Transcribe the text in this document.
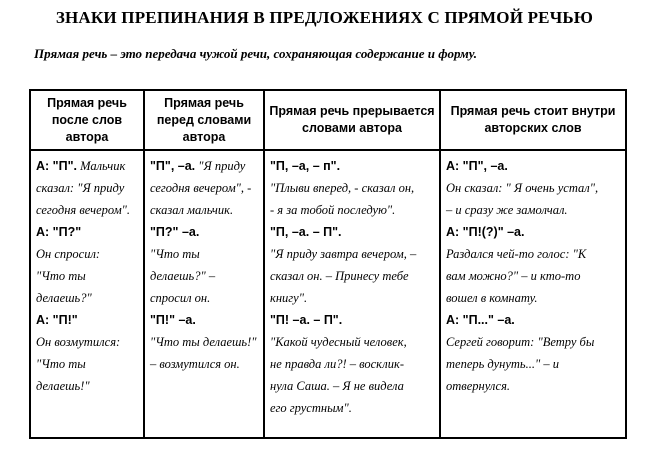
ЗНАКИ ПРЕПИНАНИЯ В ПРЕДЛОЖЕНИЯХ С ПРЯМОЙ РЕЧЬЮ
Прямая речь – это передача чужой речи, сохраняющая содержание и форму.
Прямая речь после слов автора
А: "П". Мальчик
сказал: "Я приду
сегодня вечером".
А: "П?"
Он спросил:
"Что ты
делаешь?"
А: "П!"
Он возмутился:
"Что ты
делаешь!"
Прямая речь перед словами автора
"П", –а. "Я приду
сегодня вечером", -
сказал мальчик.
"П?" –а.
"Что ты
делаешь?" –
спросил он.
"П!" –а.
"Что ты делаешь!"
– возмутился он.
Прямая речь прерывается словами автора
"П, –а, – п".
"Плыви вперед, - сказал он,
- я за тобой последую".
"П, –а. – П".
"Я приду завтра вечером, –
сказал он. – Принесу тебе
книгу".
"П! –а. – П".
"Какой чудесный человек,
не правда ли?! – восклик-
нула Саша. – Я не видела
его грустным".
Прямая речь стоит внутри авторских слов
А: "П", –а.
Он сказал: " Я очень устал",
– и сразу же замолчал.
А: "П!(?)" –а.
Раздался чей-то голос: "К
вам можно?" – и кто-то
вошел в комнату.
А: "П..." –а.
Сергей говорит: "Ветру бы
теперь дунуть..." – и
отвернулся.
